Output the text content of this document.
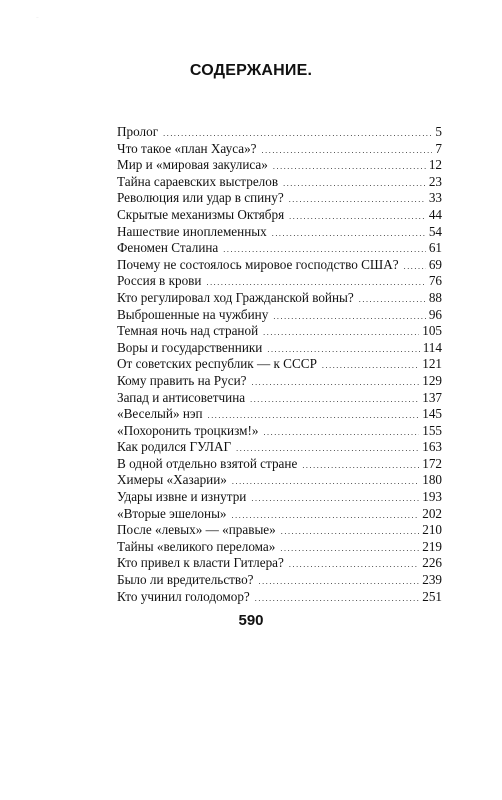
...
СОДЕРЖАНИЕ.
Пролог .....	5
Что такое «план Хауса»? .....	7
Мир и «мировая закулиса» .....	12
Тайна сараевских выстрелов .....	23
Революция или удар в спину? .....	33
Скрытые механизмы Октября .....	44
Нашествие иноплеменных .....	54
Феномен Сталина .....	61
Почему не состоялось мировое господство США? ..... 69
Россия в крови .....	76
Кто регулировал ход Гражданской войны? .....	88
Выброшенные на чужбину .....	96
Темная ночь над страной .....	105
Воры и государственники .....	114
От советских республик — к СССР .....	121
Кому править на Руси? .....	129
Запад и антисоветчина .....	137
«Веселый» нэп .....	145
«Похоронить троцкизм!» .....	155
Как родился ГУЛАГ .....	163
В одной отдельно взятой стране .....	172
Химеры «Хазарии» .....	180
Удары извне и изнутри .....	193
«Вторые эшелоны» .....	202
После «левых» — «правые» .....	210
Тайны «великого перелома» .....	219
Кто привел к власти Гитлера? .....	226
Было ли вредительство? .....	239
Кто учинил голодомор? .....	251
590
